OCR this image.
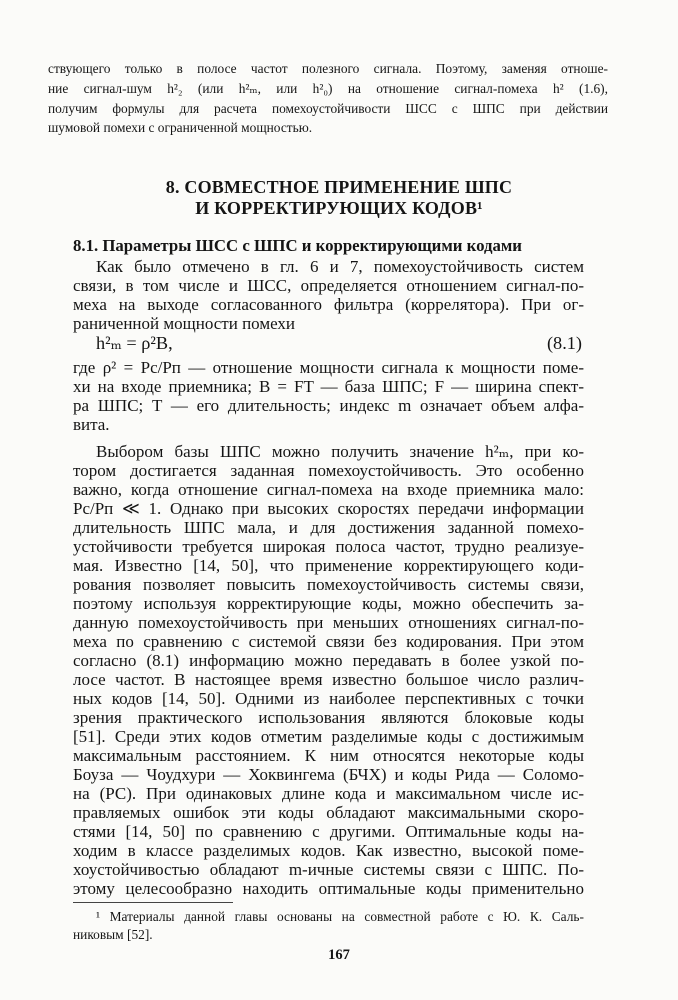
ствующего только в полосе частот полезного сигнала. Поэтому, заменяя отноше-

ние сигнал-шум h²₂ (или h²ₘ, или h²₀) на отношение сигнал-помеха h² (1.6),

получим формулы для расчета помехоустойчивости ШСС с ШПС при действии

шумовой помехи с ограниченной мощностью.

8. СОВМЕСТНОЕ ПРИМЕНЕНИЕ ШПС
И КОРРЕКТИРУЮЩИХ КОДОВ¹
8.1. Параметры ШСС с ШПС и корректирующими кодами

Как было отмечено в гл. 6 и 7, помехоустойчивость систем

связи, в том числе и ШСС, определяется отношением сигнал-по-

меха на выходе согласованного фильтра (коррелятора). При ог-

раниченной мощности помехи

h²ₘ = ρ²B,	(8.1)

где ρ² = Pс/Pп — отношение мощности сигнала к мощности поме-

хи на входе приемника; B = FT — база ШПС; F — ширина спект-

ра ШПС; T — его длительность; индекс m означает объем алфа-

вита.

Выбором базы ШПС можно получить значение h²ₘ, при ко-

тором достигается заданная помехоустойчивость. Это особенно

важно, когда отношение сигнал-помеха на входе приемника мало:

Pс/Pп ≪ 1. Однако при высоких скоростях передачи информации

длительность ШПС мала, и для достижения заданной помехо-

устойчивости требуется широкая полоса частот, трудно реализуе-

мая. Известно [14, 50], что применение корректирующего коди-

рования позволяет повысить помехоустойчивость системы связи,

поэтому используя корректирующие коды, можно обеспечить за-

данную помехоустойчивость при меньших отношениях сигнал-по-

меха по сравнению с системой связи без кодирования. При этом

согласно (8.1) информацию можно передавать в более узкой по-

лосе частот. В настоящее время известно большое число различ-

ных кодов [14, 50]. Одними из наиболее перспективных с точки

зрения практического использования являются блоковые коды

[51]. Среди этих кодов отметим разделимые коды с достижимым

максимальным расстоянием. К ним относятся некоторые коды

Боуза — Чоудхури — Хоквингема (БЧХ) и коды Рида — Соломо-

на (РС). При одинаковых длине кода и максимальном числе ис-

правляемых ошибок эти коды обладают максимальными скоро-

стями [14, 50] по сравнению с другими. Оптимальные коды на-

ходим в классе разделимых кодов. Как известно, высокой поме-

хоустойчивостью обладают m-ичные системы связи с ШПС. По-

этому целесообразно находить оптимальные коды применительно

¹ Материалы данной главы основаны на совместной работе с Ю. К. Саль-

никовым [52].

167
